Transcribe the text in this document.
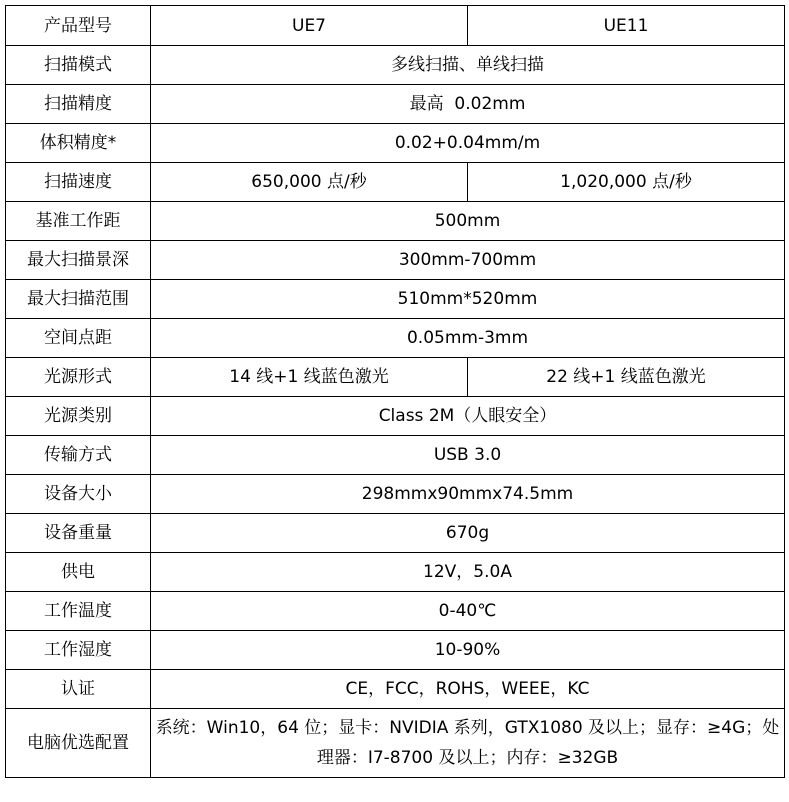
产品型号	UE7	UE11
扫描模式	多线扫描、单线扫描	
扫描精度	最高  0.02mm	
体积精度*	0.02+0.04mm/m	
扫描速度	650,000 点/秒	1,020,000 点/秒
基准工作距	500mm	
最大扫描景深	300mm-700mm	
最大扫描范围	510mm*520mm	
空间点距	0.05mm-3mm	
光源形式	14 线+1 线蓝色激光	22 线+1 线蓝色激光
光源类别	Class 2M（人眼安全）	
传输方式	USB 3.0	
设备大小	298mmx90mmx74.5mm	
设备重量	670g	
供电	12V，5.0A	
工作温度	0-40℃	
工作湿度	10-90%	
认证	CE，FCC，ROHS，WEEE，KC	
电脑优选配置	系统：Win10，64 位；显卡：NVIDIA 系列，GTX1080 及以上；显存：≥4G；处理器：I7-8700 及以上；内存：≥32GB	
